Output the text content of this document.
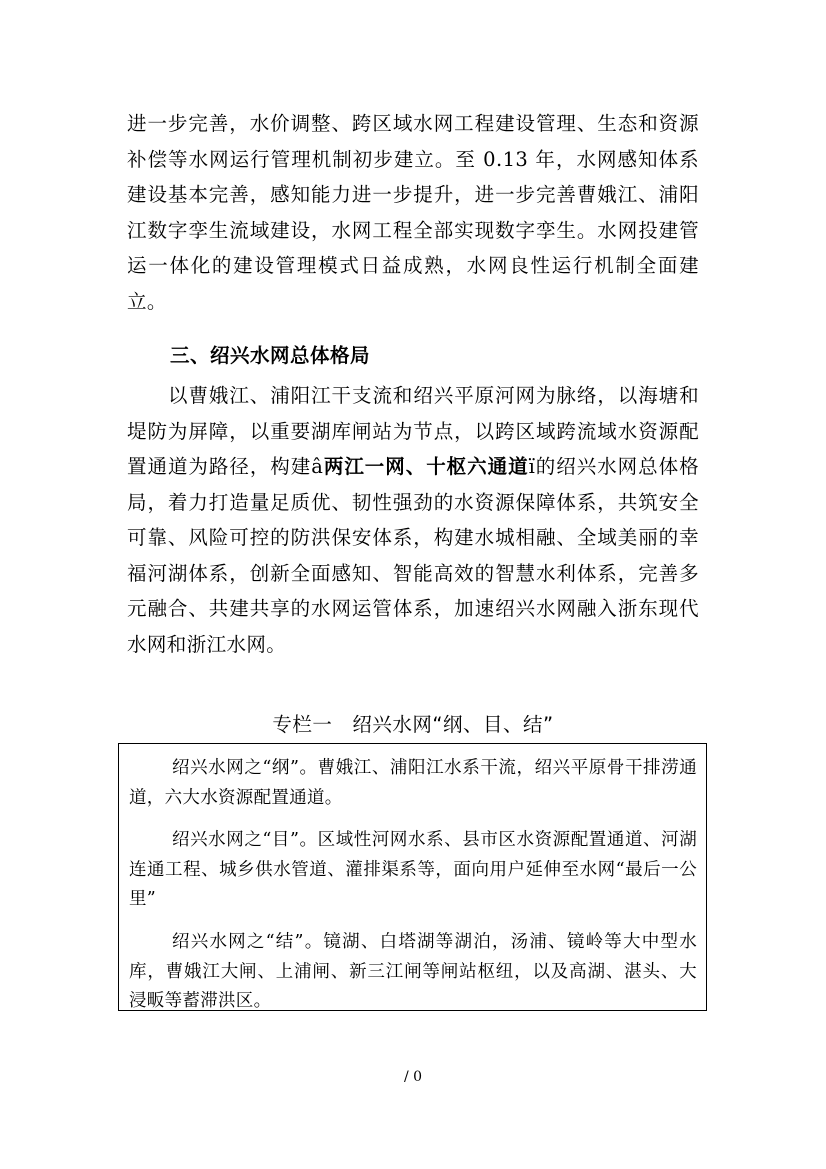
进一步完善，水价调整、跨区域水网工程建设管理、生态和资源补偿等水网运行管理机制初步建立。至 0.13 年，水网感知体系建设基本完善，感知能力进一步提升，进一步完善曹娥江、浦阳江数字孪生流域建设，水网工程全部实现数字孪生。水网投建管运一体化的建设管理模式日益成熟，水网良性运行机制全面建立。

三、绍兴水网总体格局

以曹娥江、浦阳江干支流和绍兴平原河网为脉络，以海塘和堤防为屏障，以重要湖库闸站为节点，以跨区域跨流域水资源配置通道为路径，构建â两江一网、十枢六通道ï的绍兴水网总体格局，着力打造量足质优、韧性强劲的水资源保障体系，共筑安全可靠、风险可控的防洪保安体系，构建水城相融、全域美丽的幸福河湖体系，创新全面感知、智能高效的智慧水利体系，完善多元融合、共建共享的水网运管体系，加速绍兴水网融入浙东现代水网和浙江水网。

专栏一　绍兴水网“纲、目、结”

绍兴水网之“纲”。曹娥江、浦阳江水系干流，绍兴平原骨干排涝通道，六大水资源配置通道。

绍兴水网之“目”。区域性河网水系、县市区水资源配置通道、河湖连通工程、城乡供水管道、灌排渠系等，面向用户延伸至水网“最后一公里”

绍兴水网之“结”。镜湖、白塔湖等湖泊，汤浦、镜岭等大中型水库，曹娥江大闸、上浦闸、新三江闸等闸站枢纽，以及高湖、湛头、大浸畈等蓄滞洪区。

/ 0
